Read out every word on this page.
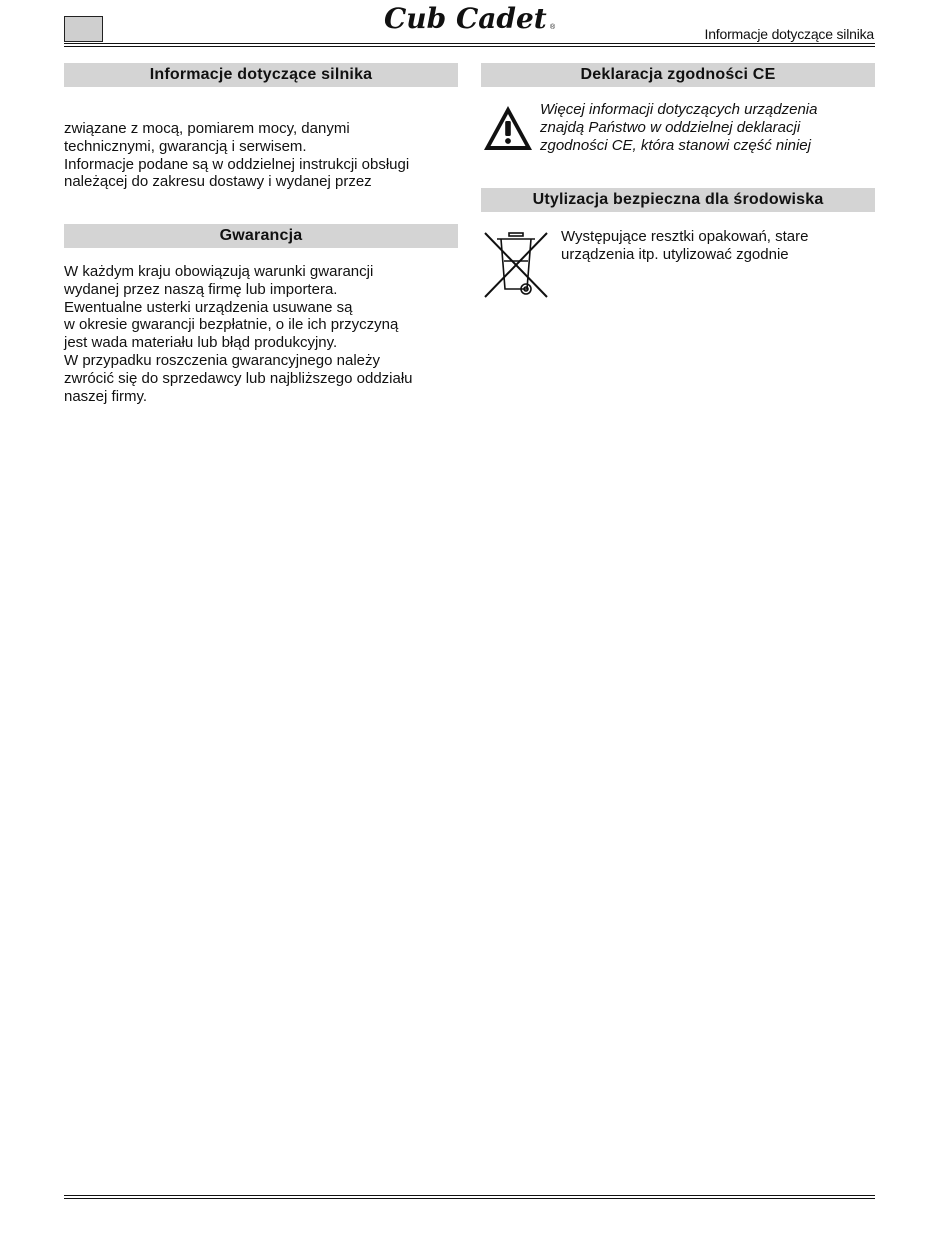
Cub Cadet ®	Informacje dotyczące silnika
Informacje dotyczące silnika

związane z mocą, pomiarem mocy, danymi
technicznymi, gwarancją i serwisem.
Informacje podane są w oddzielnej instrukcji obsługi
należącej do zakresu dostawy i wydanej przez

Gwarancja

W każdym kraju obowiązują warunki gwarancji
wydanej przez naszą firmę lub importera.
Ewentualne usterki urządzenia usuwane są
w okresie gwarancji bezpłatnie, o ile ich przyczyną
jest wada materiału lub błąd produkcyjny.
W przypadku roszczenia gwarancyjnego należy
zwrócić się do sprzedawcy lub najbliższego oddziału
naszej firmy.

Deklaracja zgodności CE

Więcej informacji dotyczących urządzenia
znajdą Państwo w oddzielnej deklaracji
zgodności CE, która stanowi część niniej

Utylizacja bezpieczna dla środowiska

Występujące resztki opakowań, stare
urządzenia itp. utylizować zgodnie
